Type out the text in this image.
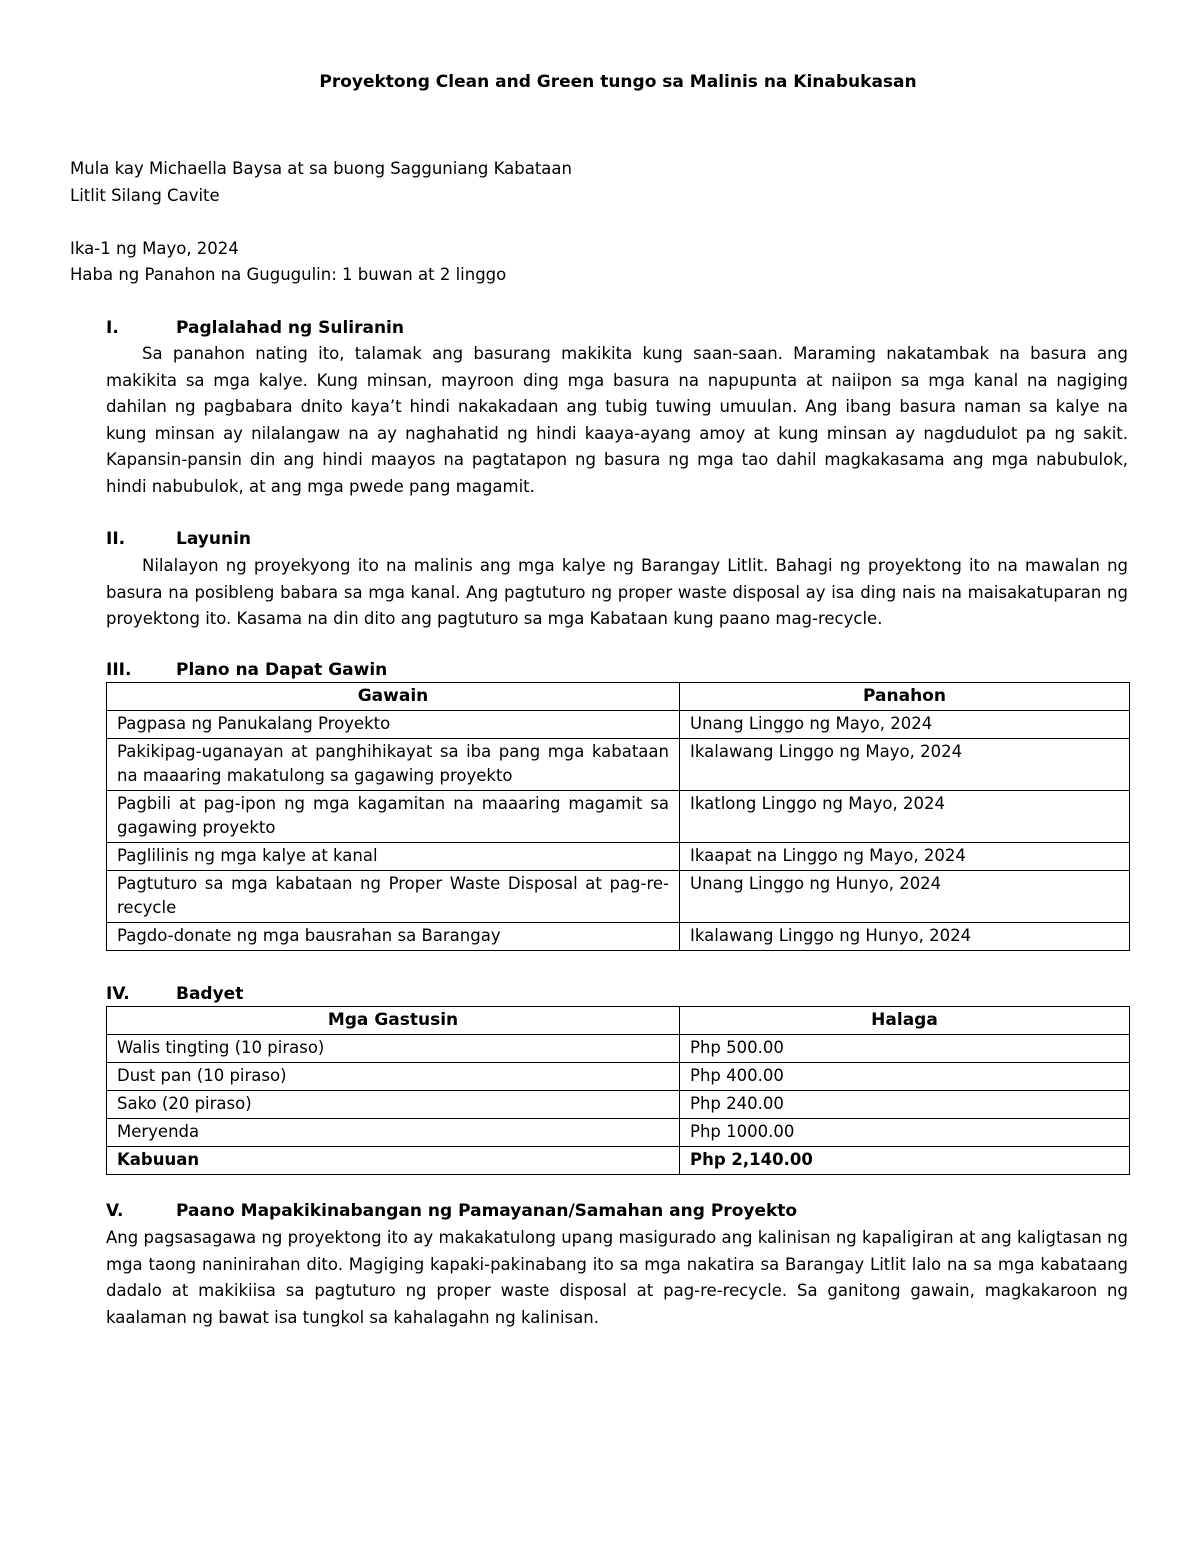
Proyektong Clean and Green tungo sa Malinis na Kinabukasan
Mula kay Michaella Baysa at sa buong Sagguniang Kabataan
Litlit Silang Cavite
Ika-1 ng Mayo, 2024
Haba ng Panahon na Gugugulin: 1 buwan at 2 linggo
I.	Paglalahad ng Suliranin
Sa panahon nating ito, talamak ang basurang makikita kung saan-saan. Maraming nakatambak na basura ang makikita sa mga kalye. Kung minsan, mayroon ding mga basura na napupunta at naiipon sa mga kanal na nagiging dahilan ng pagbabara dnito kaya’t hindi nakakadaan ang tubig tuwing umuulan. Ang ibang basura naman sa kalye na kung minsan ay nilalangaw na ay naghahatid ng hindi kaaya-ayang amoy at kung minsan ay nagdudulot pa ng sakit. Kapansin-pansin din ang hindi maayos na pagtatapon ng basura ng mga tao dahil magkakasama ang mga nabubulok, hindi nabubulok, at ang mga pwede pang magamit.
II.	Layunin
Nilalayon ng proyekyong ito na malinis ang mga kalye ng Barangay Litlit. Bahagi ng proyektong ito na mawalan ng basura na posibleng babara sa mga kanal. Ang pagtuturo ng proper waste disposal ay isa ding nais na maisakatuparan ng proyektong ito. Kasama na din dito ang pagtuturo sa mga Kabataan kung paano mag-recycle.
III.	Plano na Dapat Gawin
Gawain	Panahon
Pagpasa ng Panukalang Proyekto	Unang Linggo ng Mayo, 2024
Pakikipag-uganayan at panghihikayat sa iba pang mga kabataan na maaaring makatulong sa gagawing proyekto	Ikalawang Linggo ng Mayo, 2024
Pagbili at pag-ipon ng mga kagamitan na maaaring magamit sa gagawing proyekto	Ikatlong Linggo ng Mayo, 2024
Paglilinis ng mga kalye at kanal	Ikaapat na Linggo ng Mayo, 2024
Pagtuturo sa mga kabataan ng Proper Waste Disposal at pag-re-recycle	Unang Linggo ng Hunyo, 2024
Pagdo-donate ng mga bausrahan sa Barangay	Ikalawang Linggo ng Hunyo, 2024
IV.	Badyet
Mga Gastusin	Halaga
Walis tingting (10 piraso)	Php 500.00
Dust pan (10 piraso)	Php 400.00
Sako (20 piraso)	Php 240.00
Meryenda	Php 1000.00
Kabuuan	Php 2,140.00
V.	Paano Mapakikinabangan ng Pamayanan/Samahan ang Proyekto
Ang pagsasagawa ng proyektong ito ay makakatulong upang masigurado ang kalinisan ng kapaligiran at ang kaligtasan ng mga taong naninirahan dito. Magiging kapaki-pakinabang ito sa mga nakatira sa Barangay Litlit lalo na sa mga kabataang dadalo at makikiisa sa pagtuturo ng proper waste disposal at pag-re-recycle. Sa ganitong gawain, magkakaroon ng kaalaman ng bawat isa tungkol sa kahalagahn ng kalinisan.
